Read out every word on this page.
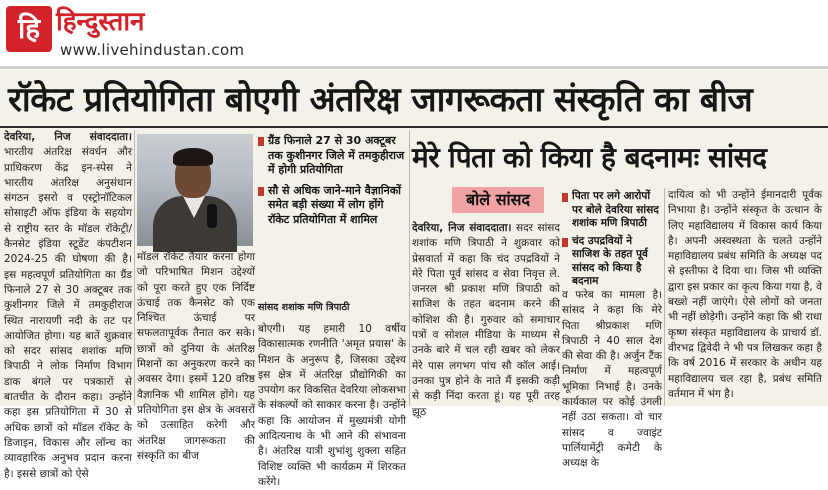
हि हिन्दुस्तान
www.livehindustan.com
रॉकेट प्रतियोगिता बोएगी अंतरिक्ष जागरूकता संस्कृति का बीज

देवरिया, निज संवाददाता। भारतीय अंतरिक्ष संवर्धन और प्राधिकरण केंद्र इन-स्पेस ने भारतीय अंतरिक्ष अनुसंधान संगठन इसरो व एस्ट्रोनॉटिकल सोसाइटी ऑफ इंडिया के सहयोग से राष्ट्रीय स्तर के मॉडल रॉकेट्री/कैनसेट इंडिया स्टूडेंट कंपटीशन 2024-25 की घोषणा की है। इस महत्वपूर्ण प्रतियोगिता का ग्रैंड फिनाले 27 से 30 अक्टूबर तक कुशीनगर जिले में तमकुहीराज स्थित नारायणी नदी के तट पर आयोजित होगा। यह बातें शुक्रवार को सदर सांसद शशांक मणि त्रिपाठी ने लोक निर्माण विभाग डाक बंगले पर पत्रकारों से बातचीत के दौरान कहा। उन्होंने कहा इस प्रतियोगिता में 30 से अधिक छात्रों को मॉडल रॉकेट के डिजाइन, विकास और लॉन्च का व्यावहारिक अनुभव प्रदान करना है। इससे छात्रों को ऐसे

मॉडल रॉकेट तैयार करना होगा जो परिभाषित मिशन उद्देश्यों को पूरा करते हुए एक निर्दिष्ट ऊंचाई तक कैनसेट को एक निश्चित ऊंचाई पर सफलतापूर्वक तैनात कर सके। छात्रों को दुनिया के अंतरिक्ष मिशनों का अनुकरण करने का अवसर देगा। इसमें 120 वरिष्ठ वैज्ञानिक भी शामिल होंगे। यह प्रतियोगिता इस क्षेत्र के अवसरों को उत्साहित करेगी और अंतरिक्ष जागरूकता की संस्कृति का बीज

ग्रैंड फिनाले 27 से 30 अक्टूबर तक कुशीनगर जिले में तमकुहीराज में होगी प्रतियोगिता
सौ से अधिक जाने-माने वैज्ञानिकों समेत बड़ी संख्या में लोग होंगे रॉकेट प्रतियोगिता में शामिल
सांसद शशांक मणि त्रिपाठी

बोएगी। यह हमारी 10 वर्षीय विकासात्मक रणनीति 'अमृत प्रयास' के मिशन के अनुरूप है, जिसका उद्देश्य इस क्षेत्र में अंतरिक्ष प्रौद्योगिकी का उपयोग कर विकसित देवरिया लोकसभा के संकल्पों को साकार करना है। उन्होंने कहा कि आयोजन में मुख्यमंत्री योगी आदित्यनाथ के भी आने की संभावना है। अंतरिक्ष यात्री शुभांशु शुक्ला सहित विशिष्ट व्यक्ति भी कार्यक्रम में शिरकत करेंगे।

मेरे पिता को किया है बदनामः सांसद
बोले सांसद

देवरिया, निज संवाददाता। सदर सांसद शशांक मणि त्रिपाठी ने शुक्रवार को प्रेसवार्ता में कहा कि चंद उपद्रवियों ने मेरे पिता पूर्व सांसद व सेवा निवृत्त ले. जनरल श्री प्रकाश मणि त्रिपाठी को साजिश के तहत बदनाम करने की कोशिश की है। गुरुवार को समाचार पत्रों व सोशल मीडिया के माध्यम से उनके बारे में चल रही खबर को लेकर मेरे पास लगभग पांच सौ कॉल आई। उनका पुत्र होने के नाते मैं इसकी कड़ी से कड़ी निंदा करता हूं। यह पूरी तरह झूठ

पिता पर लगे आरोपों पर बोले देवरिया सांसद शशांक मणि त्रिपाठी
चंद उपद्रवियों ने साजिश के तहत पूर्व सांसद को किया है बदनाम

व फरेब का मामला है। सांसद ने कहा कि मेरे पिता श्रीप्रकाश मणि त्रिपाठी ने 40 साल देश की सेवा की है। अर्जुन टैंक निर्माण में महत्वपूर्ण भूमिका निभाई है। उनके कार्यकाल पर कोई उंगली नहीं उठा सकता। वो चार सांसद व ज्वाइंट पार्लियामेंट्री कमेटी के अध्यक्ष के

दायित्व को भी उन्होंने ईमानदारी पूर्वक निभाया है। उन्होंने संस्कृत के उत्थान के लिए महाविद्यालय में विकास कार्य किया है। अपनी अस्वस्थता के चलते उन्होंने महाविद्यालय प्रबंध समिति के अध्यक्ष पद से इस्तीफा दे दिया था। जिस भी व्यक्ति द्वारा इस प्रकार का कृत्य किया गया है, वे बख्शे नहीं जाएंगे। ऐसे लोगों को जनता भी नहीं छोड़ेगी। उन्होंने कहा कि श्री राधा कृष्ण संस्कृत महाविद्यालय के प्राचार्य डॉ. वीरभद्र द्विवेदी ने भी पत्र लिखकर कहा है कि वर्ष 2016 में सरकार के अधीन यह महाविद्यालय चल रहा है, प्रबंध समिति वर्तमान में भंग है।
